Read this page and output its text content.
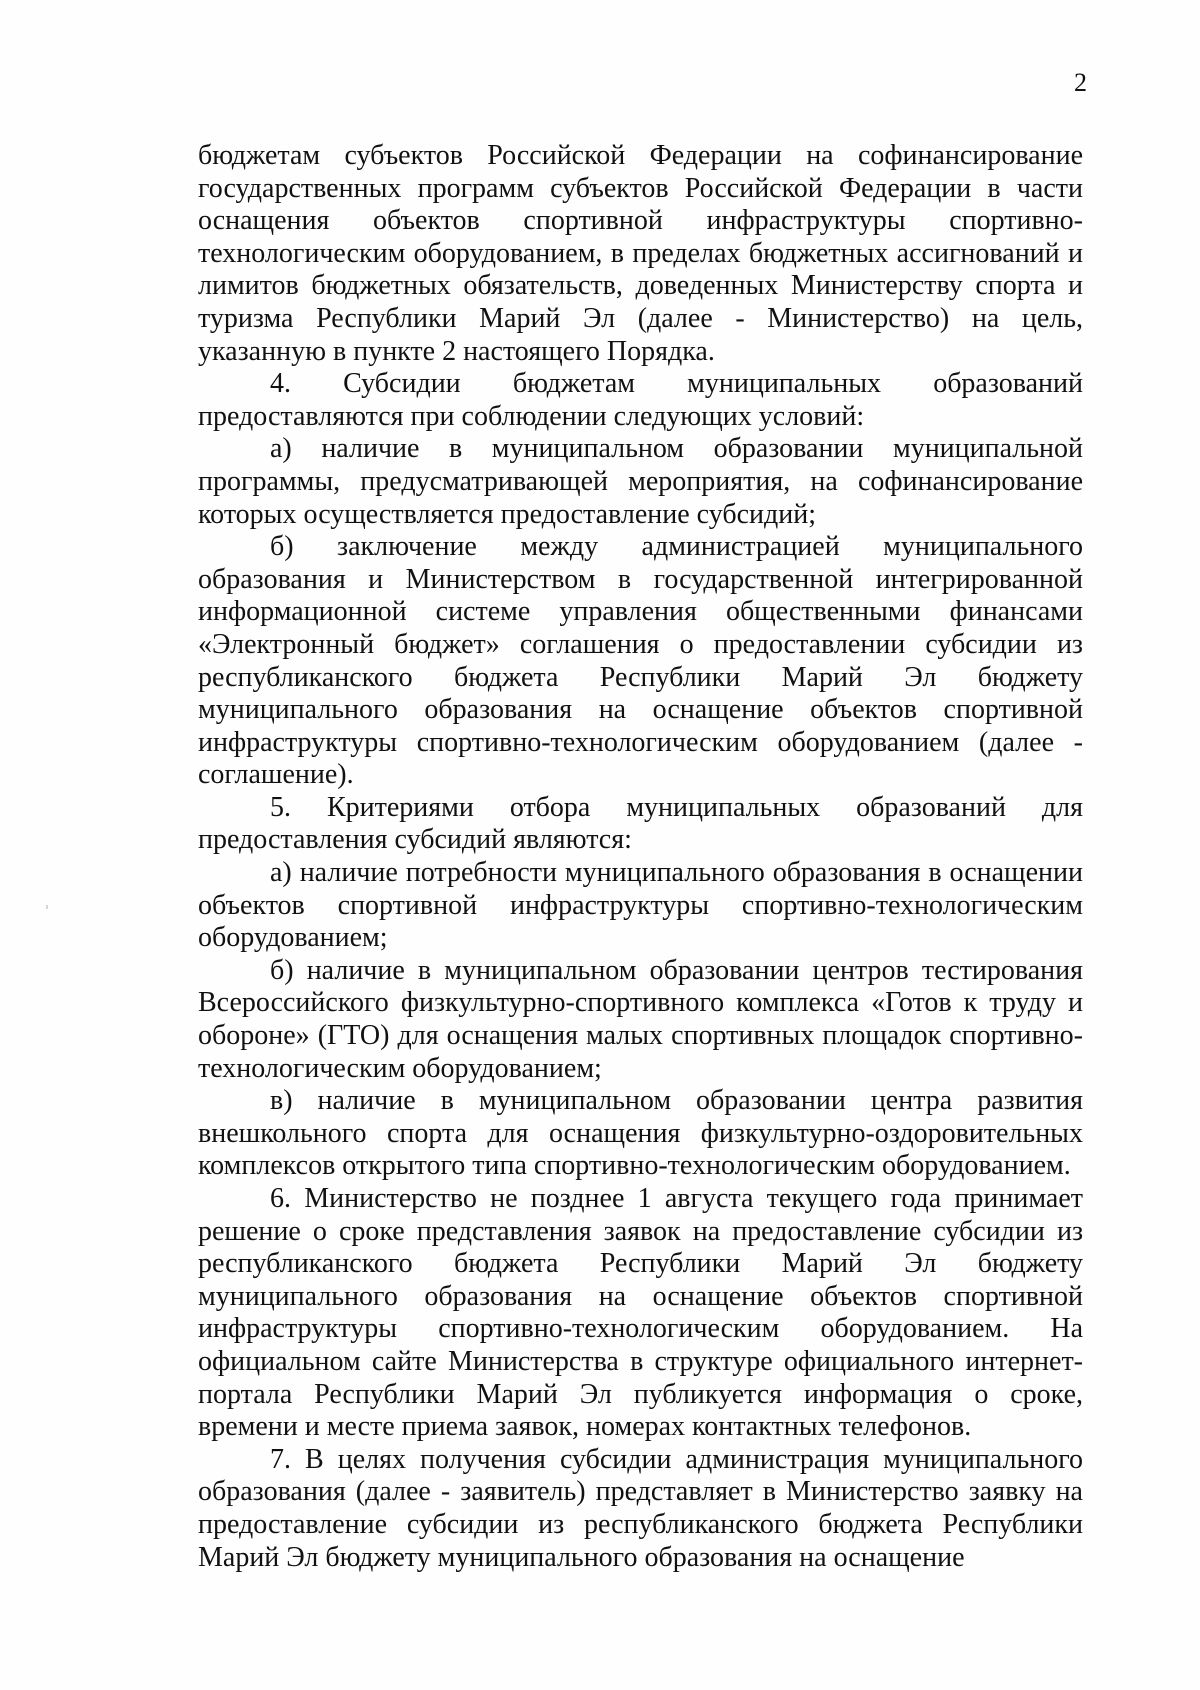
2

бюджетам субъектов Российской Федерации на софинансирование государственных программ субъектов Российской Федерации в части оснащения объектов спортивной инфраструктуры спортивно-технологическим оборудованием, в пределах бюджетных ассигнований и лимитов бюджетных обязательств, доведенных Министерству спорта и туризма Республики Марий Эл (далее - Министерство) на цель, указанную в пункте 2 настоящего Порядка.

4. Субсидии бюджетам муниципальных образований предоставляются при соблюдении следующих условий:

а) наличие в муниципальном образовании муниципальной программы, предусматривающей мероприятия, на софинансирование которых осуществляется предоставление субсидий;

б) заключение между администрацией муниципального образования и Министерством в государственной интегрированной информационной системе управления общественными финансами «Электронный бюджет» соглашения о предоставлении субсидии из республиканского бюджета Республики Марий Эл бюджету муниципального образования на оснащение объектов спортивной инфраструктуры спортивно-технологическим оборудованием (далее - соглашение).

5. Критериями отбора муниципальных образований для предоставления субсидий являются:

а) наличие потребности муниципального образования в оснащении объектов спортивной инфраструктуры спортивно-технологическим оборудованием;

б) наличие в муниципальном образовании центров тестирования Всероссийского физкультурно-спортивного комплекса «Готов к труду и обороне» (ГТО) для оснащения малых спортивных площадок спортивно-технологическим оборудованием;

в) наличие в муниципальном образовании центра развития внешкольного спорта для оснащения физкультурно-оздоровительных комплексов открытого типа спортивно-технологическим оборудованием.

6. Министерство не позднее 1 августа текущего года принимает решение о сроке представления заявок на предоставление субсидии из республиканского бюджета Республики Марий Эл бюджету муниципального образования на оснащение объектов спортивной инфраструктуры спортивно-технологическим оборудованием. На официальном сайте Министерства в структуре официального интернет-портала Республики Марий Эл публикуется информация о сроке, времени и месте приема заявок, номерах контактных телефонов.

7. В целях получения субсидии администрация муниципального образования (далее - заявитель) представляет в Министерство заявку на предоставление субсидии из республиканского бюджета Республики Марий Эл бюджету муниципального образования на оснащение
